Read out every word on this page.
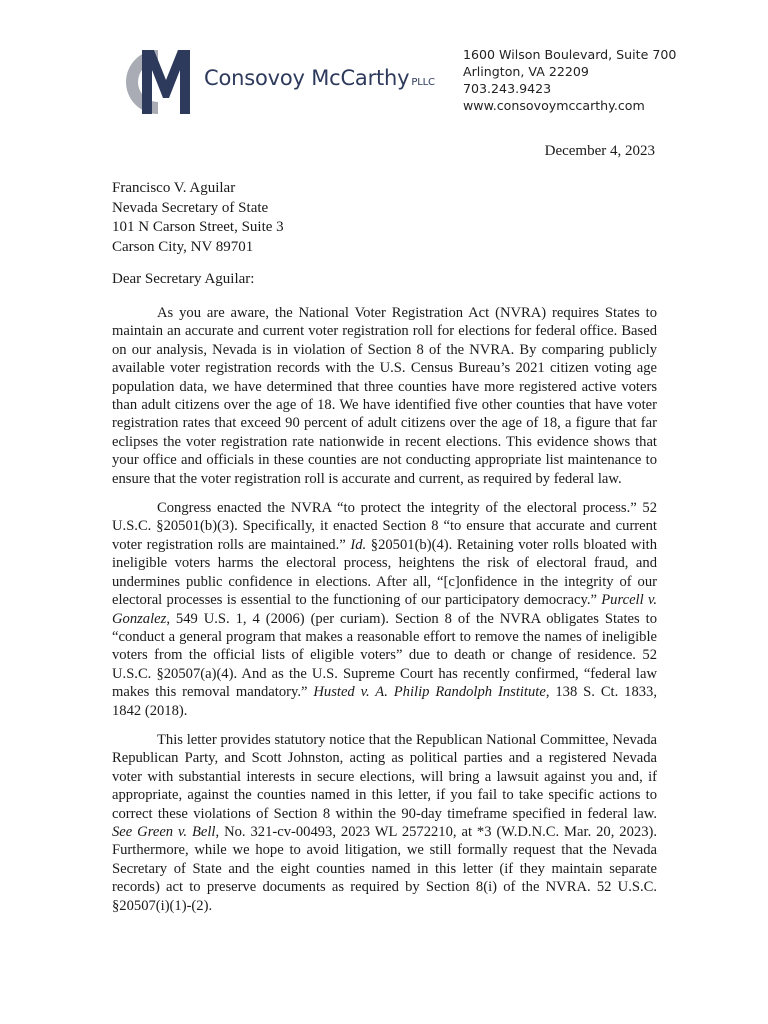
Consovoy McCarthy PLLC
1600 Wilson Boulevard, Suite 700
Arlington, VA 22209
703.243.9423
www.consovoymccarthy.com
December 4, 2023
Francisco V. Aguilar
Nevada Secretary of State
101 N Carson Street, Suite 3
Carson City, NV 89701
Dear Secretary Aguilar:

As you are aware, the National Voter Registration Act (NVRA) requires States to maintain an accurate and current voter registration roll for elections for federal office. Based on our analysis, Nevada is in violation of Section 8 of the NVRA. By comparing publicly available voter registration records with the U.S. Census Bureau’s 2021 citizen voting age population data, we have determined that three counties have more registered active voters than adult citizens over the age of 18. We have identified five other counties that have voter registration rates that exceed 90 percent of adult citizens over the age of 18, a figure that far eclipses the voter registration rate nationwide in recent elections. This evidence shows that your office and officials in these counties are not conducting appropriate list maintenance to ensure that the voter registration roll is accurate and current, as required by federal law.

Congress enacted the NVRA “to protect the integrity of the electoral process.” 52 U.S.C. §20501(b)(3). Specifically, it enacted Section 8 “to ensure that accurate and current voter registration rolls are maintained.” Id. §20501(b)(4). Retaining voter rolls bloated with ineligible voters harms the electoral process, heightens the risk of electoral fraud, and undermines public confidence in elections. After all, “[c]onfidence in the integrity of our electoral processes is essential to the functioning of our participatory democracy.” Purcell v. Gonzalez, 549 U.S. 1, 4 (2006) (per curiam). Section 8 of the NVRA obligates States to “conduct a general program that makes a reasonable effort to remove the names of ineligible voters from the official lists of eligible voters” due to death or change of residence. 52 U.S.C. §20507(a)(4). And as the U.S. Supreme Court has recently confirmed, “federal law makes this removal mandatory.” Husted v. A. Philip Randolph Institute, 138 S. Ct. 1833, 1842 (2018).

This letter provides statutory notice that the Republican National Committee, Nevada Republican Party, and Scott Johnston, acting as political parties and a registered Nevada voter with substantial interests in secure elections, will bring a lawsuit against you and, if appropriate, against the counties named in this letter, if you fail to take specific actions to correct these violations of Section 8 within the 90-day timeframe specified in federal law. See Green v. Bell, No. 321-cv-00493, 2023 WL 2572210, at *3 (W.D.N.C. Mar. 20, 2023). Furthermore, while we hope to avoid litigation, we still formally request that the Nevada Secretary of State and the eight counties named in this letter (if they maintain separate records) act to preserve documents as required by Section 8(i) of the NVRA. 52 U.S.C. §20507(i)(1)-(2).
